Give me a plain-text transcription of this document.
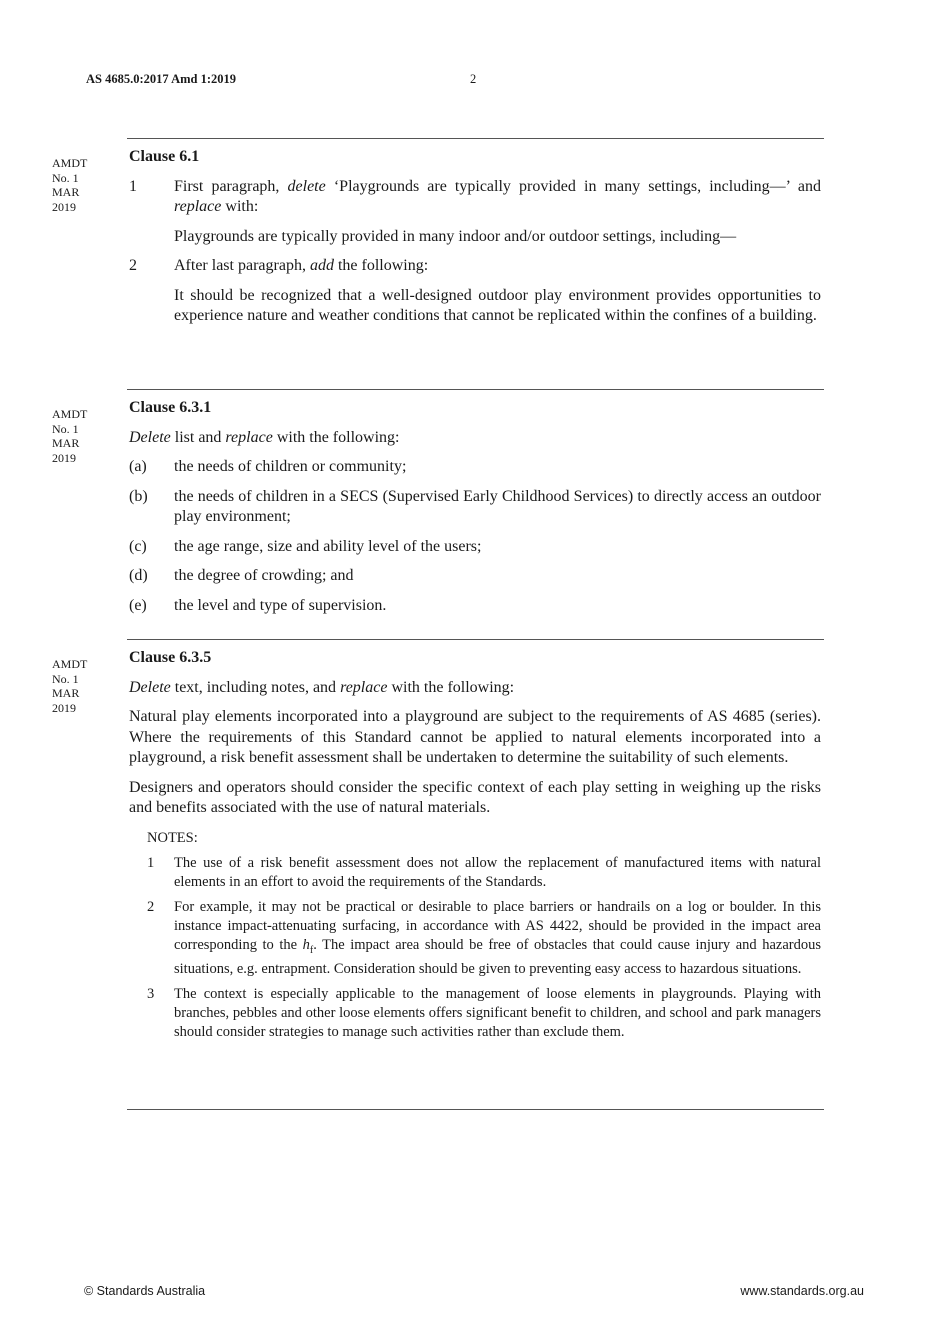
AS 4685.0:2017 Amd 1:2019	2
AMDT
No. 1
MAR
2019
Clause 6.1
1	First paragraph, delete ‘Playgrounds are typically provided in many settings, including—’ and replace with:
Playgrounds are typically provided in many indoor and/or outdoor settings, including—
2	After last paragraph, add the following:
It should be recognized that a well-designed outdoor play environment provides opportunities to experience nature and weather conditions that cannot be replicated within the confines of a building.
AMDT
No. 1
MAR
2019
Clause 6.3.1
Delete list and replace with the following:
(a)	the needs of children or community;
(b)	the needs of children in a SECS (Supervised Early Childhood Services) to directly access an outdoor play environment;
(c)	the age range, size and ability level of the users;
(d)	the degree of crowding; and
(e)	the level and type of supervision.
AMDT
No. 1
MAR
2019
Clause 6.3.5
Delete text, including notes, and replace with the following:
Natural play elements incorporated into a playground are subject to the requirements of AS 4685 (series). Where the requirements of this Standard cannot be applied to natural elements incorporated into a playground, a risk benefit assessment shall be undertaken to determine the suitability of such elements.
Designers and operators should consider the specific context of each play setting in weighing up the risks and benefits associated with the use of natural materials.
NOTES:
1	The use of a risk benefit assessment does not allow the replacement of manufactured items with natural elements in an effort to avoid the requirements of the Standards.
2	For example, it may not be practical or desirable to place barriers or handrails on a log or boulder. In this instance impact-attenuating surfacing, in accordance with AS 4422, should be provided in the impact area corresponding to the $h_f$. The impact area should be free of obstacles that could cause injury and hazardous situations, e.g. entrapment. Consideration should be given to preventing easy access to hazardous situations.
3	The context is especially applicable to the management of loose elements in playgrounds. Playing with branches, pebbles and other loose elements offers significant benefit to children, and school and park managers should consider strategies to manage such activities rather than exclude them.
© Standards Australia	www.standards.org.au
